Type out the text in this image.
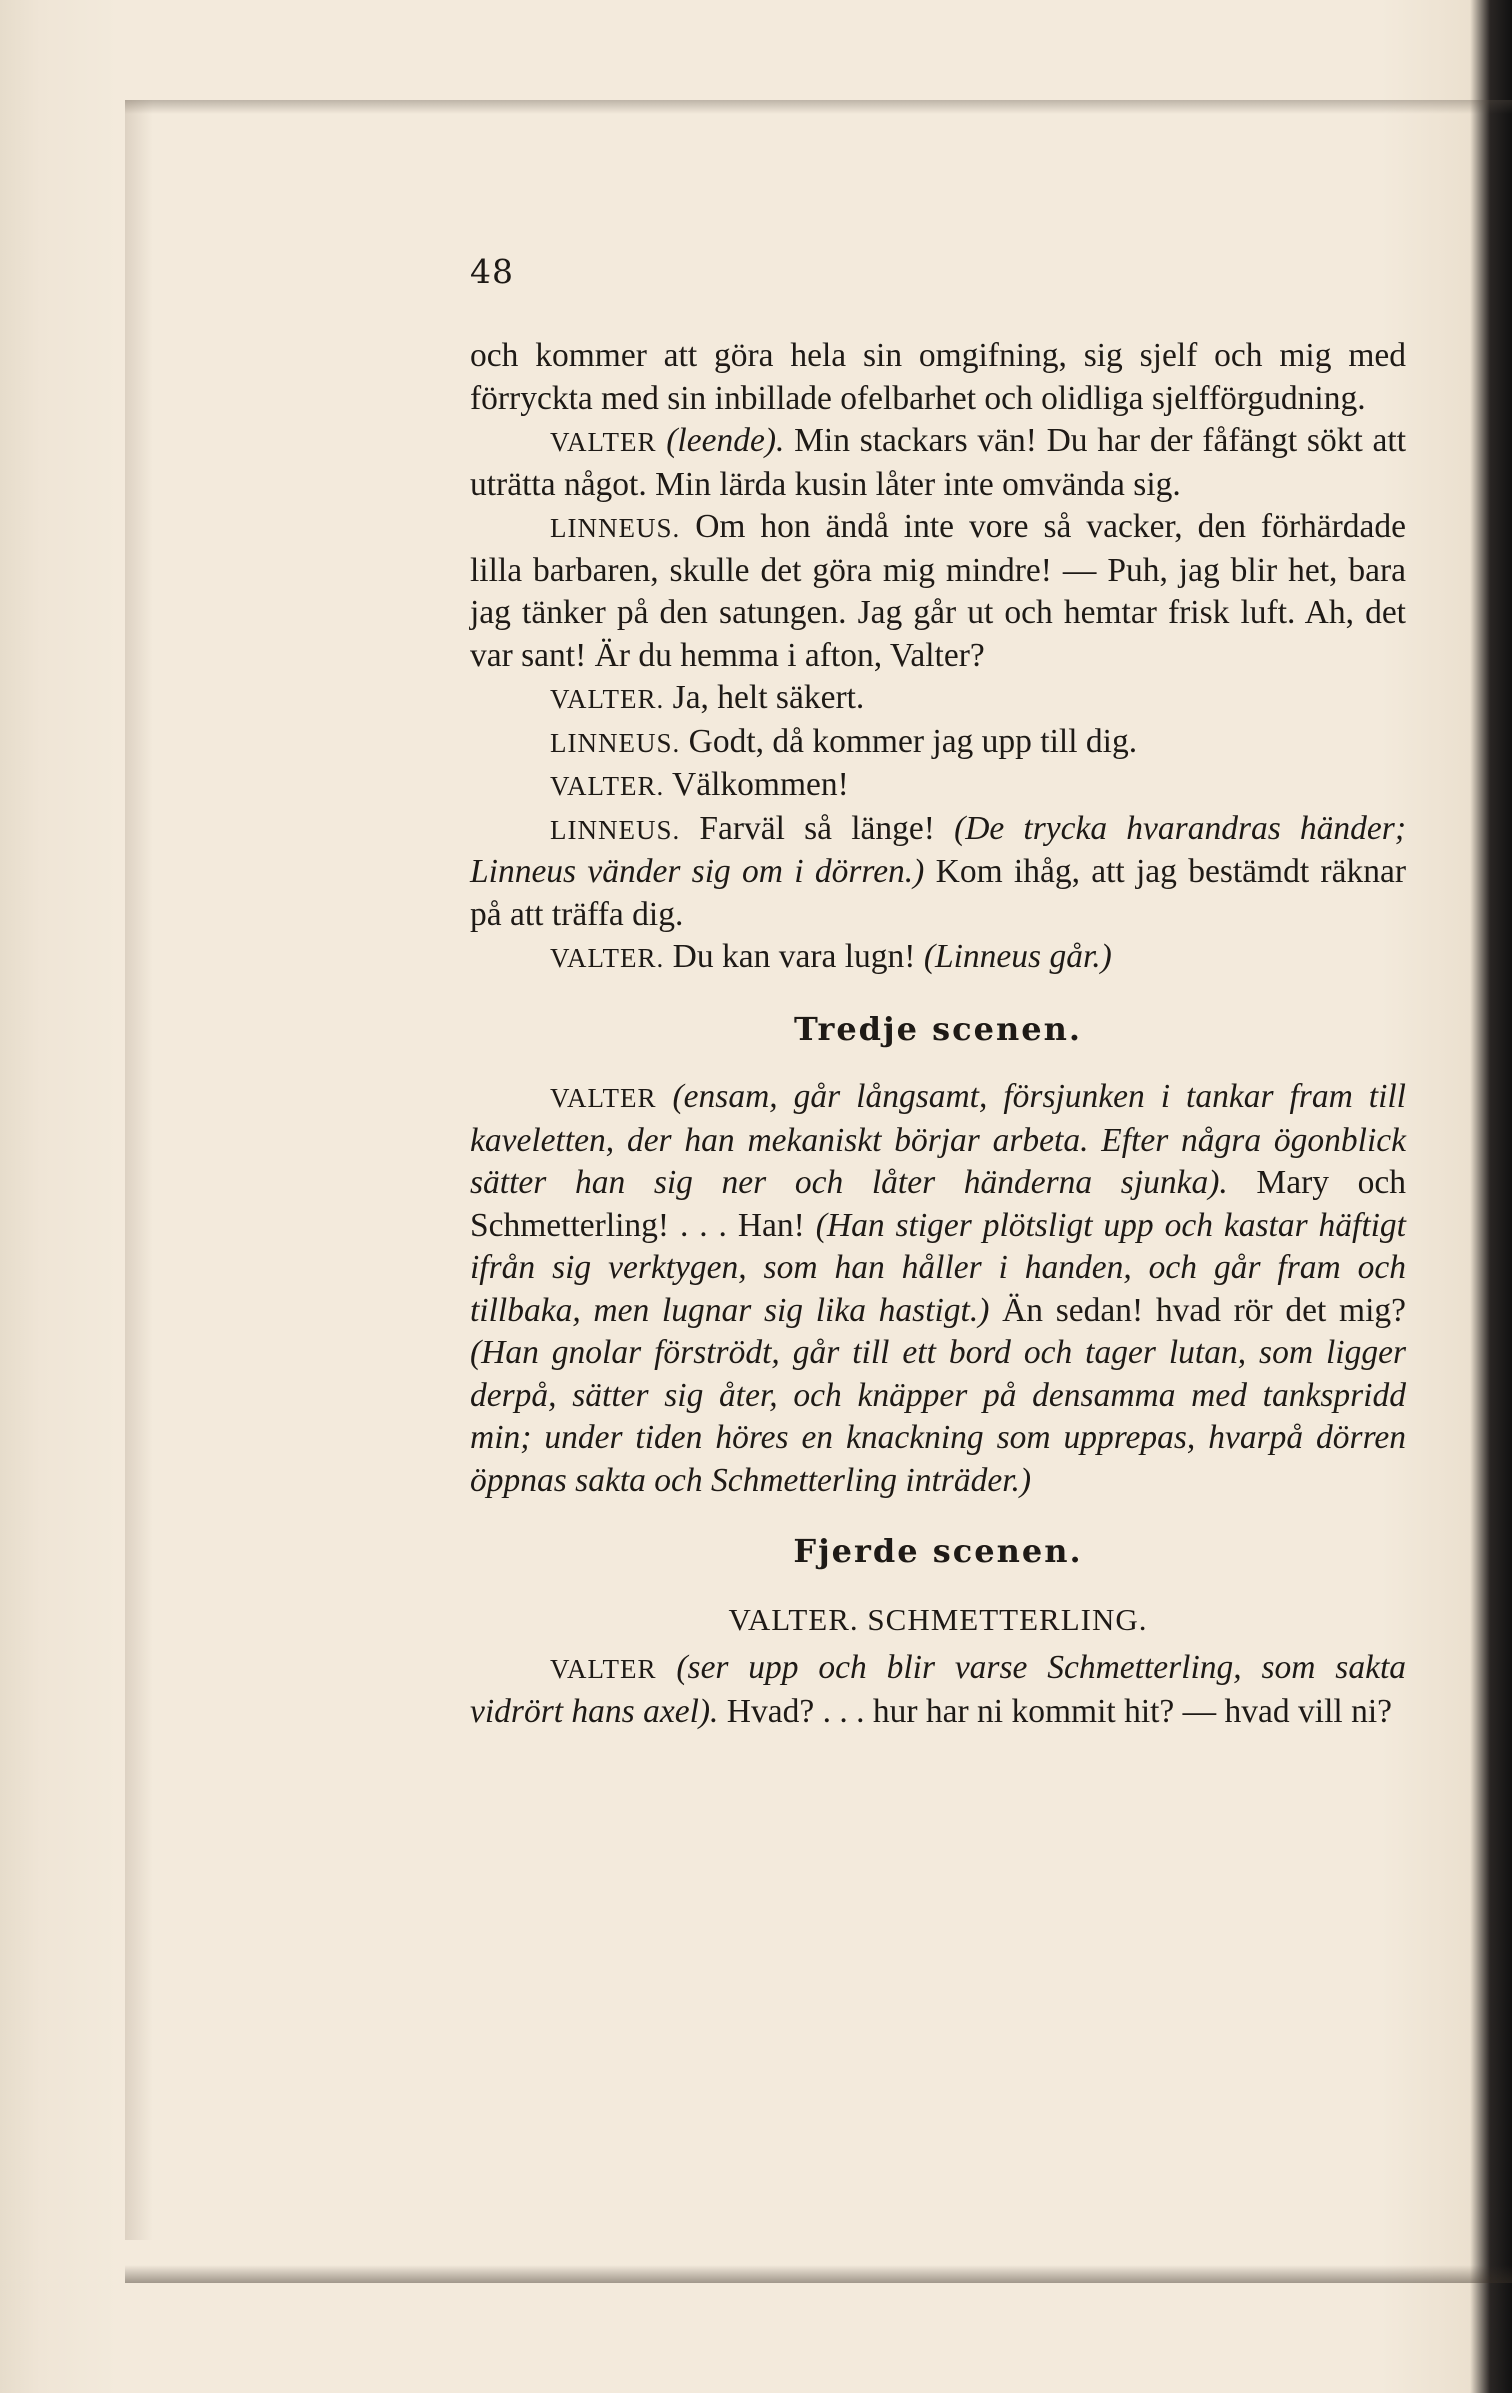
48

och kommer att göra hela sin omgifning, sig sjelf och mig med förryckta med sin inbillade ofelbarhet och olidliga sjelfförgudning.

VALTER (leende). Min stackars vän! Du har der fåfängt sökt att uträtta något. Min lärda kusin låter inte omvända sig.

LINNEUS. Om hon ändå inte vore så vacker, den förhärdade lilla barbaren, skulle det göra mig mindre! — Puh, jag blir het, bara jag tänker på den satungen. Jag går ut och hemtar frisk luft. Ah, det var sant! Är du hemma i afton, Valter?

VALTER. Ja, helt säkert.

LINNEUS. Godt, då kommer jag upp till dig.

VALTER. Välkommen!

LINNEUS. Farväl så länge! (De trycka hvarandras händer; Linneus vänder sig om i dörren.) Kom ihåg, att jag bestämdt räknar på att träffa dig.

VALTER. Du kan vara lugn! (Linneus går.)

Tredje scenen.

VALTER (ensam, går långsamt, försjunken i tankar fram till kaveletten, der han mekaniskt börjar arbeta. Efter några ögonblick sätter han sig ner och låter händerna sjunka). Mary och Schmetterling! . . . Han! (Han stiger plötsligt upp och kastar häftigt ifrån sig verktygen, som han håller i handen, och går fram och tillbaka, men lugnar sig lika hastigt.) Än sedan! hvad rör det mig? (Han gnolar förströdt, går till ett bord och tager lutan, som ligger derpå, sätter sig åter, och knäpper på densamma med tankspridd min; under tiden höres en knackning som upprepas, hvarpå dörren öppnas sakta och Schmetterling inträder.)

Fjerde scenen.
VALTER. SCHMETTERLING.

VALTER (ser upp och blir varse Schmetterling, som sakta vidrört hans axel). Hvad? . . . hur har ni kommit hit? — hvad vill ni?
